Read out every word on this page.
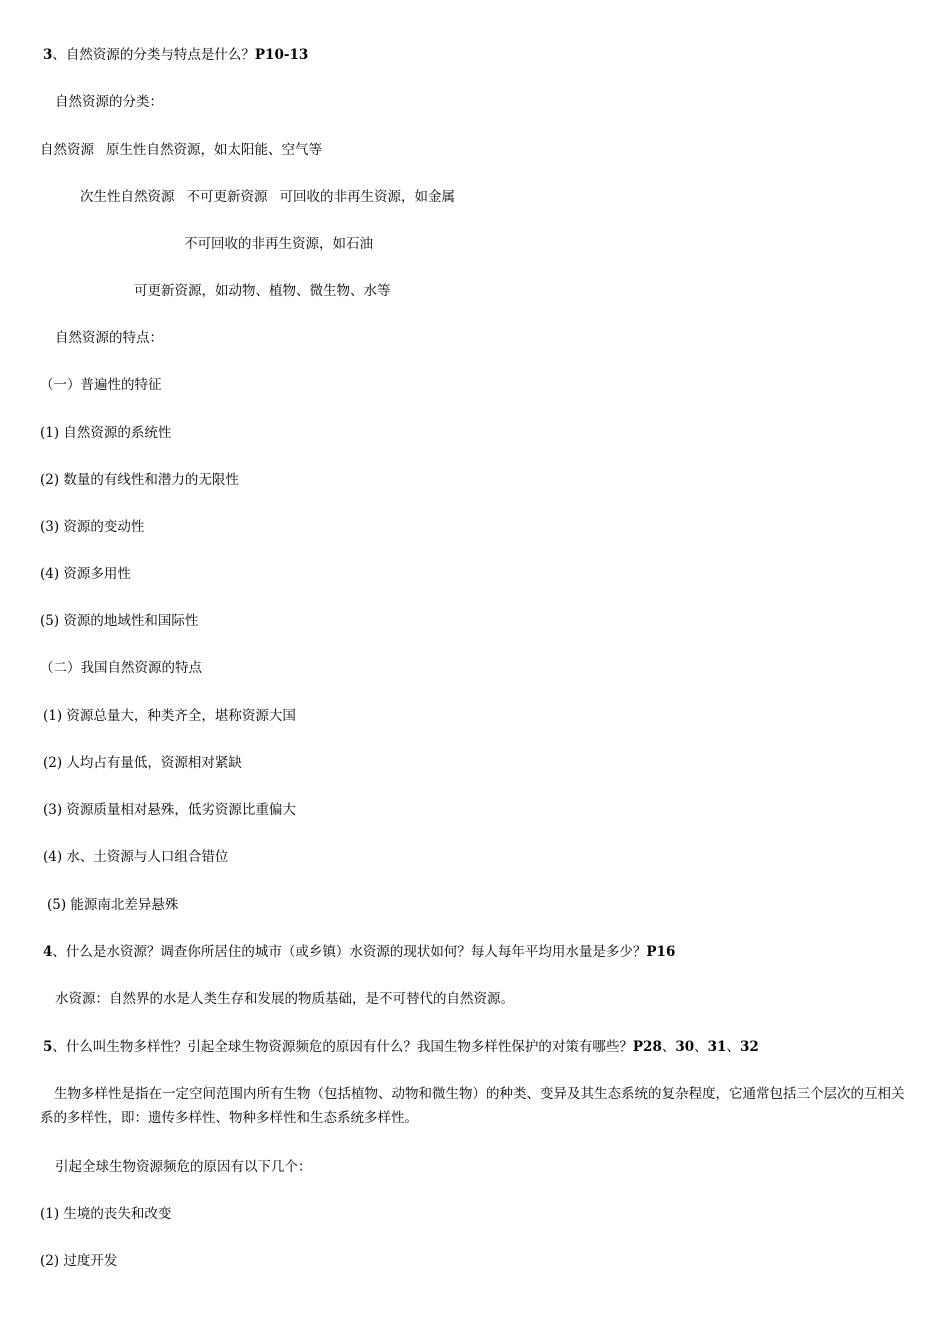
3、自然资源的分类与特点是什么？P10-13
自然资源的分类：
自然资源 原生性自然资源，如太阳能、空气等
次生性自然资源 不可更新资源 可回收的非再生资源，如金属
不可回收的非再生资源，如石油
可更新资源，如动物、植物、微生物、水等
自然资源的特点：
（一）普遍性的特征
(1) 自然资源的系统性
(2) 数量的有线性和潜力的无限性
(3) 资源的变动性
(4) 资源多用性
(5) 资源的地域性和国际性
（二）我国自然资源的特点
(1) 资源总量大，种类齐全，堪称资源大国
(2) 人均占有量低，资源相对紧缺
(3) 资源质量相对悬殊，低劣资源比重偏大
(4) 水、土资源与人口组合错位
(5) 能源南北差异悬殊
4、什么是水资源？调查你所居住的城市（或乡镇）水资源的现状如何？每人每年平均用水量是多少？P16
水资源：自然界的水是人类生存和发展的物质基础，是不可替代的自然资源。
5、什么叫生物多样性？引起全球生物资源频危的原因有什么？我国生物多样性保护的对策有哪些？P28、30、31、32
生物多样性是指在一定空间范围内所有生物（包括植物、动物和微生物）的种类、变异及其生态系统的复杂程度，它通常包括三个层次的互相关系的多样性，即：遗传多样性、物种多样性和生态系统多样性。
引起全球生物资源频危的原因有以下几个：
(1) 生境的丧失和改变
(2) 过度开发
